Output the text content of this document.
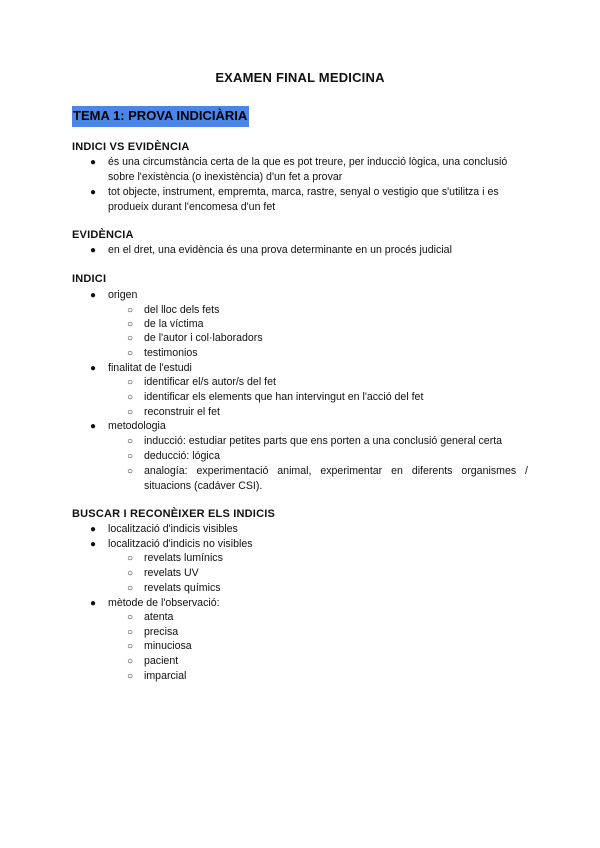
EXAMEN FINAL MEDICINA
TEMA 1: PROVA INDICIÀRIA
INDICI VS EVIDÈNCIA
● és una circumstància certa de la que es pot treure, per inducció lògica, una conclusió
sobre l'existència (o inexistència) d'un fet a provar
● tot objecte, instrument, empremta, marca, rastre, senyal o vestigio que s'utilitza i es
produeix durant l'encomesa d'un fet
EVIDÈNCIA
● en el dret, una evidència és una prova determinante en un procés judicial
INDICI
● origen
○ del lloc dels fets
○ de la víctima
○ de l'autor i col·laboradors
○ testimonios
● finalitat de l'estudi
○ identificar el/s autor/s del fet
○ identificar els elements que han intervingut en l'acció del fet
○ reconstruir el fet
● metodologia
○ inducció: estudiar petites parts que ens porten a una conclusió general certa
○ deducció: lógica
○ analogía: experimentació animal, experimentar en diferents organismes /
situacions (cadáver CSI).
BUSCAR I RECONÈIXER ELS INDICIS
● localització d'indicis visibles
● localització d'indicis no visibles
○ revelats lumínics
○ revelats UV
○ revelats químics
● mètode de l'observació:
○ atenta
○ precisa
○ minuciosa
○ pacient
○ imparcial
